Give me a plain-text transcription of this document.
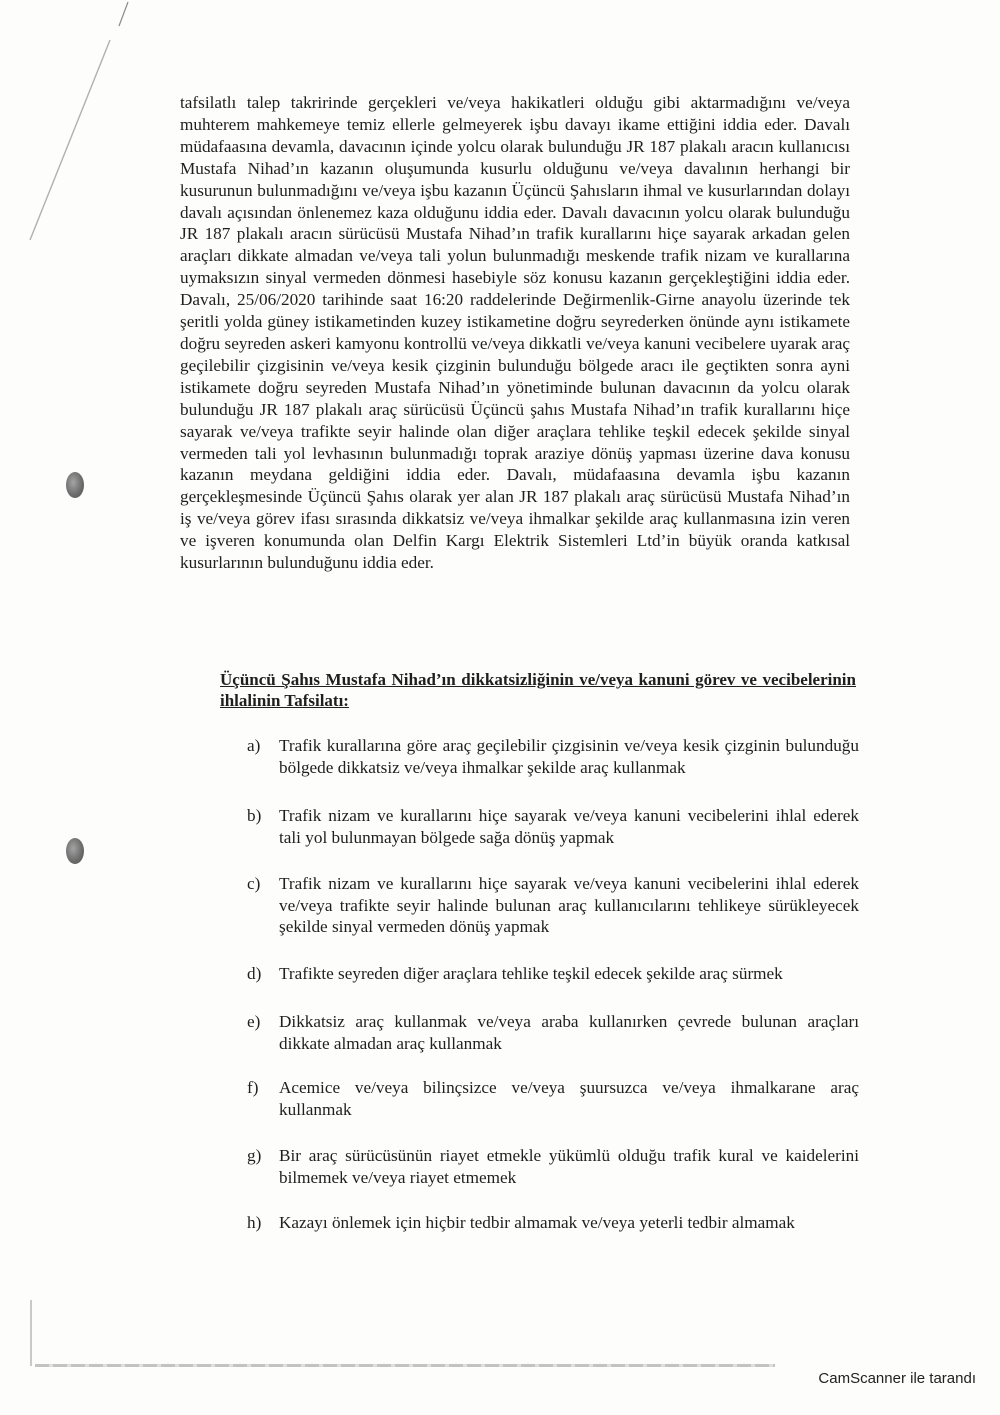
tafsilatlı talep takririnde gerçekleri ve/veya hakikatleri olduğu gibi aktarmadığını ve/veya muhterem mahkemeye temiz ellerle gelmeyerek işbu davayı ikame ettiğini iddia eder. Davalı müdafaasına devamla, davacının içinde yolcu olarak bulunduğu JR 187 plakalı aracın kullanıcısı Mustafa Nihad’ın kazanın oluşumunda kusurlu olduğunu ve/veya davalının herhangi bir kusurunun bulunmadığını ve/veya işbu kazanın Üçüncü Şahısların ihmal ve kusurlarından dolayı davalı açısından önlenemez kaza olduğunu iddia eder. Davalı davacının yolcu olarak bulunduğu JR 187 plakalı aracın sürücüsü Mustafa Nihad’ın trafik kurallarını hiçe sayarak arkadan gelen araçları dikkate almadan ve/veya tali yolun bulunmadığı meskende trafik nizam ve kurallarına uymaksızın sinyal vermeden dönmesi hasebiyle söz konusu kazanın gerçekleştiğini iddia eder. Davalı, 25/06/2020 tarihinde saat 16:20 raddelerinde Değirmenlik-Girne anayolu üzerinde tek şeritli yolda güney istikametinden kuzey istikametine doğru seyrederken önünde aynı istikamete doğru seyreden askeri kamyonu kontrollü ve/veya dikkatli ve/veya kanuni vecibelere uyarak araç geçilebilir çizgisinin ve/veya kesik çizginin bulunduğu bölgede aracı ile geçtikten sonra ayni istikamete doğru seyreden Mustafa Nihad’ın yönetiminde bulunan davacının da yolcu olarak bulunduğu JR 187 plakalı araç sürücüsü Üçüncü şahıs Mustafa Nihad’ın trafik kurallarını hiçe sayarak ve/veya trafikte seyir halinde olan diğer araçlara tehlike teşkil edecek şekilde sinyal vermeden tali yol levhasının bulunmadığı toprak araziye dönüş yapması üzerine dava konusu kazanın meydana geldiğini iddia eder. Davalı, müdafaasına devamla işbu kazanın gerçekleşmesinde Üçüncü Şahıs olarak yer alan JR 187 plakalı araç sürücüsü Mustafa Nihad’ın iş ve/veya görev ifası sırasında dikkatsiz ve/veya ihmalkar şekilde araç kullanmasına izin veren ve işveren konumunda olan Delfin Kargı Elektrik Sistemleri Ltd’in büyük oranda katkısal kusurlarının bulunduğunu iddia eder.

Üçüncü Şahıs Mustafa Nihad’ın dikkatsizliğinin ve/veya kanuni görev ve vecibelerinin ihlalinin Tafsilatı:
a)	Trafik kurallarına göre araç geçilebilir çizgisinin ve/veya kesik çizginin bulunduğu bölgede dikkatsiz ve/veya ihmalkar şekilde araç kullanmak
b)	Trafik nizam ve kurallarını hiçe sayarak ve/veya kanuni vecibelerini ihlal ederek tali yol bulunmayan bölgede sağa dönüş yapmak
c)	Trafik nizam ve kurallarını hiçe sayarak ve/veya kanuni vecibelerini ihlal ederek ve/veya trafikte seyir halinde bulunan araç kullanıcılarını tehlikeye sürükleyecek şekilde sinyal vermeden dönüş yapmak
d)	Trafikte seyreden diğer araçlara tehlike teşkil edecek şekilde araç sürmek
e)	Dikkatsiz araç kullanmak ve/veya araba kullanırken çevrede bulunan araçları dikkate almadan araç kullanmak
f)	Acemice ve/veya bilinçsizce ve/veya şuursuzca ve/veya ihmalkarane araç kullanmak
g)	Bir araç sürücüsünün riayet etmekle yükümlü olduğu trafik kural ve kaidelerini bilmemek ve/veya riayet etmemek
h)	Kazayı önlemek için hiçbir tedbir almamak ve/veya yeterli tedbir almamak
CamScanner ile tarandı
